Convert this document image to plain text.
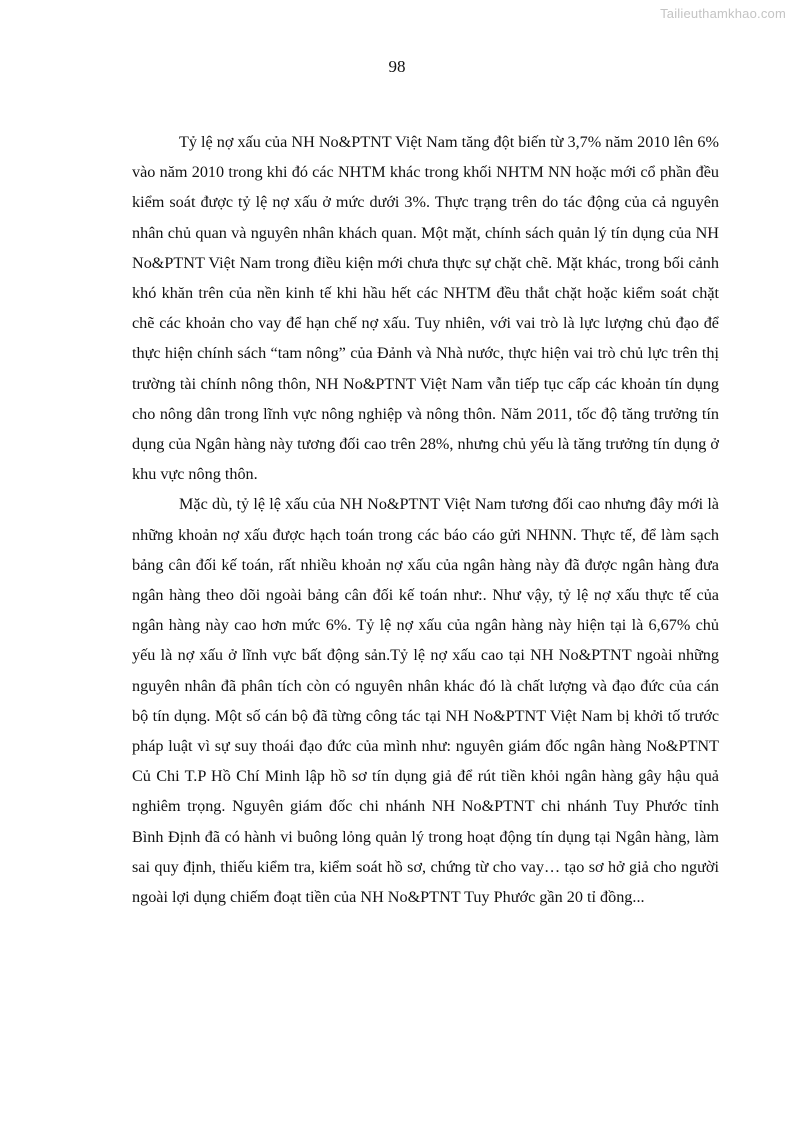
Tailieuthamkhao.com
98

Tỷ lệ nợ xấu của NH No&PTNT Việt Nam tăng đột biến từ 3,7% năm 2010 lên 6% vào năm 2010 trong khi đó các NHTM khác trong khối NHTM NN hoặc mới cổ phần đều kiểm soát được tỷ lệ nợ xấu ở mức dưới 3%. Thực trạng trên do tác động của cả nguyên nhân chủ quan và nguyên nhân khách quan. Một mặt, chính sách quản lý tín dụng của NH No&PTNT Việt Nam trong điều kiện mới chưa thực sự chặt chẽ. Mặt khác, trong bối cảnh khó khăn trên của nền kinh tế khi hầu hết các NHTM đều thắt chặt hoặc kiểm soát chặt chẽ các khoản cho vay để hạn chế nợ xấu. Tuy nhiên, với vai trò là lực lượng chủ đạo để thực hiện chính sách “tam nông” của Đảnh và Nhà nước, thực hiện vai trò chủ lực trên thị trường tài chính nông thôn, NH No&PTNT Việt Nam vẫn tiếp tục cấp các khoản tín dụng cho nông dân trong lĩnh vực nông nghiệp và nông thôn. Năm 2011, tốc độ tăng trưởng tín dụng của Ngân hàng này tương đối cao trên 28%, nhưng chủ yếu là tăng trưởng tín dụng ở khu vực nông thôn.

Mặc dù, tỷ lệ lệ xấu của NH No&PTNT Việt Nam tương đối cao nhưng đây mới là những khoản nợ xấu được hạch toán trong các báo cáo gửi NHNN. Thực tế, để làm sạch bảng cân đối kế toán, rất nhiều khoản nợ xấu của ngân hàng này đã được ngân hàng đưa ngân hàng theo dõi ngoài bảng cân đối kế toán như:. Như vậy, tỷ lệ nợ xấu thực tế của ngân hàng này cao hơn mức 6%. Tỷ lệ nợ xấu của ngân hàng này hiện tại là 6,67% chủ yếu là nợ xấu ở lĩnh vực bất động sản.Tỷ lệ nợ xấu cao tại NH No&PTNT ngoài những nguyên nhân đã phân tích còn có nguyên nhân khác đó là chất lượng và đạo đức của cán bộ tín dụng. Một số cán bộ đã từng công tác tại NH No&PTNT Việt Nam bị khởi tố trước pháp luật vì sự suy thoái đạo đức của mình như: nguyên giám đốc ngân hàng No&PTNT Củ Chi T.P Hồ Chí Minh lập hồ sơ tín dụng giả để rút tiền khỏi ngân hàng gây hậu quả nghiêm trọng. Nguyên giám đốc chi nhánh NH No&PTNT chi nhánh Tuy Phước tỉnh Bình Định đã có hành vi buông lỏng quản lý trong hoạt động tín dụng tại Ngân hàng, làm sai quy định, thiếu kiểm tra, kiểm soát hồ sơ, chứng từ cho vay… tạo sơ hở giả cho người ngoài lợi dụng chiếm đoạt tiền của NH No&PTNT Tuy Phước gần 20 tỉ đồng...
